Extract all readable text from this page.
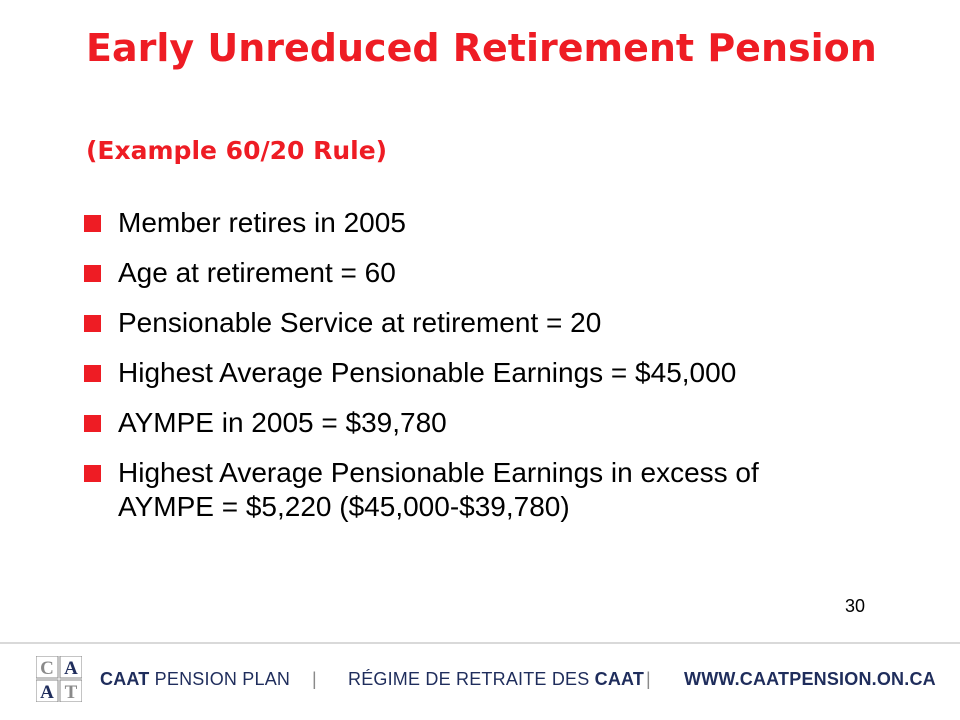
Early Unreduced Retirement Pension
(Example 60/20 Rule)
Member retires in 2005
Age at retirement = 60
Pensionable Service at retirement = 20
Highest Average Pensionable Earnings = $45,000
AYMPE in 2005 = $39,780
Highest Average Pensionable Earnings in excess of AYMPE = $5,220 ($45,000-$39,780)
30
C A
A T
CAAT PENSION PLAN | RÉGIME DE RETRAITE DES CAAT | WWW.CAATPENSION.ON.CA
